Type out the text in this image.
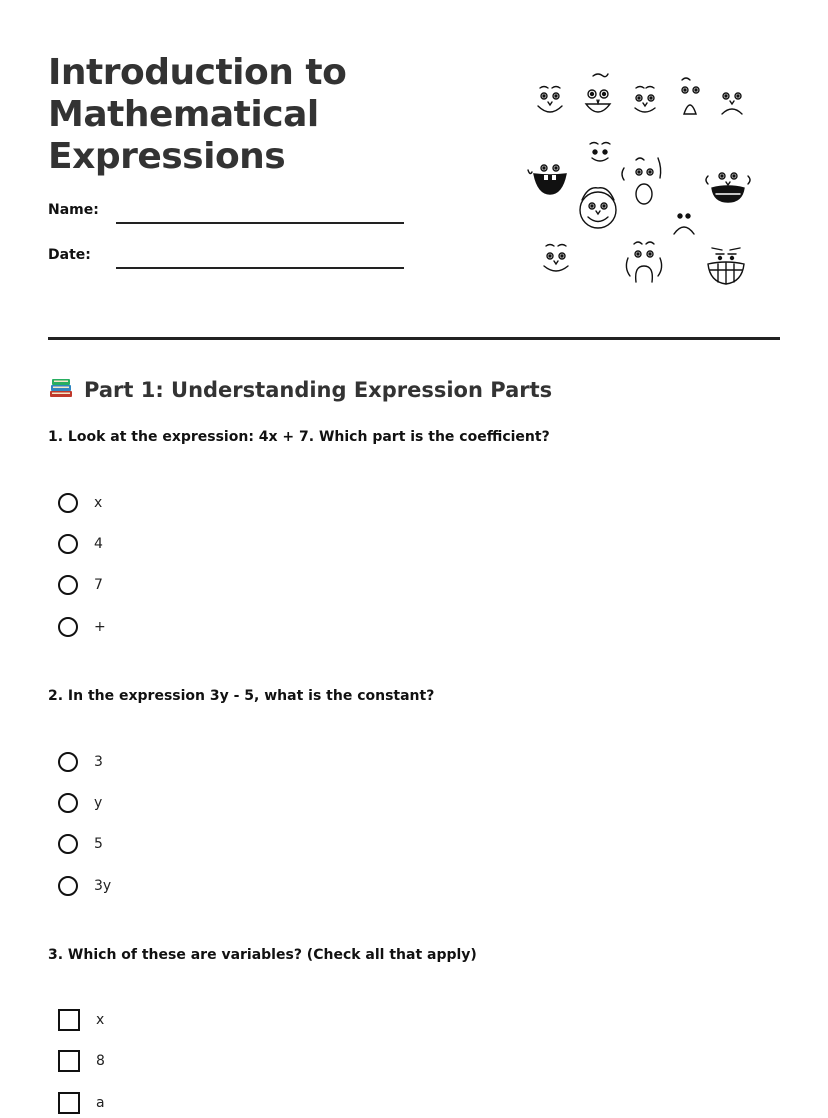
Introduction to Mathematical Expressions
Name:
Date:
Part 1: Understanding Expression Parts

1. Look at the expression: 4x + 7. Which part is the coefficient?

x
4
7
+

2. In the expression 3y - 5, what is the constant?

3
y
5
3y

3. Which of these are variables? (Check all that apply)

x
8
a
